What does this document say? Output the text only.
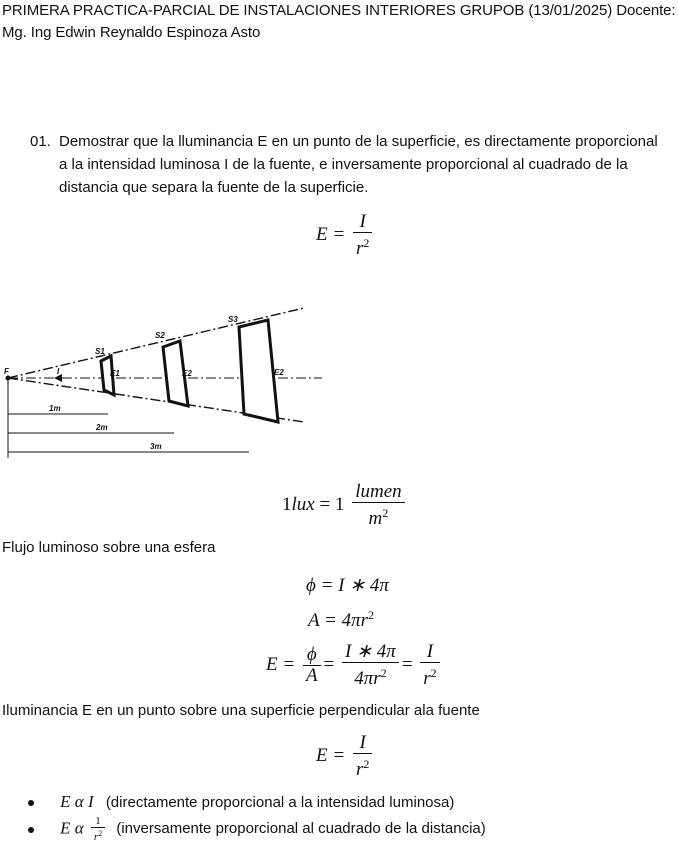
PRIMERA PRACTICA-PARCIAL DE INSTALACIONES INTERIORES GRUPOB (13/01/2025) Docente:
Mg. Ing Edwin Reynaldo Espinoza Asto
01. Demostrar que la lluminancia E en un punto de la superficie, es directamente proporcional a la intensidad luminosa I de la fuente, e inversamente proporcional al cuadrado de la distancia que separa la fuente de la superficie.
$E = \frac{I}{r^2}$
F	I
S1
S2
S3
E1	E2	E2
1m
2m
3m
$1lux = 1 \frac{\text{lumen}}{m^2}$
Flujo luminoso sobre una esfera
ϕ = I ∗ 4π
$A = 4\pi r^2$
$E = \frac{\phi}{A} = \frac{I ∗ 4\pi}{4\pi r^2} = \frac{I}{r^2}$
Iluminancia E en un punto sobre una superficie perpendicular ala fuente
$E = \frac{I}{r^2}$
E α I (directamente proporcional a la intensidad luminosa)
E α $\frac{1}{r^2}$ (inversamente proporcional al cuadrado de la distancia)
